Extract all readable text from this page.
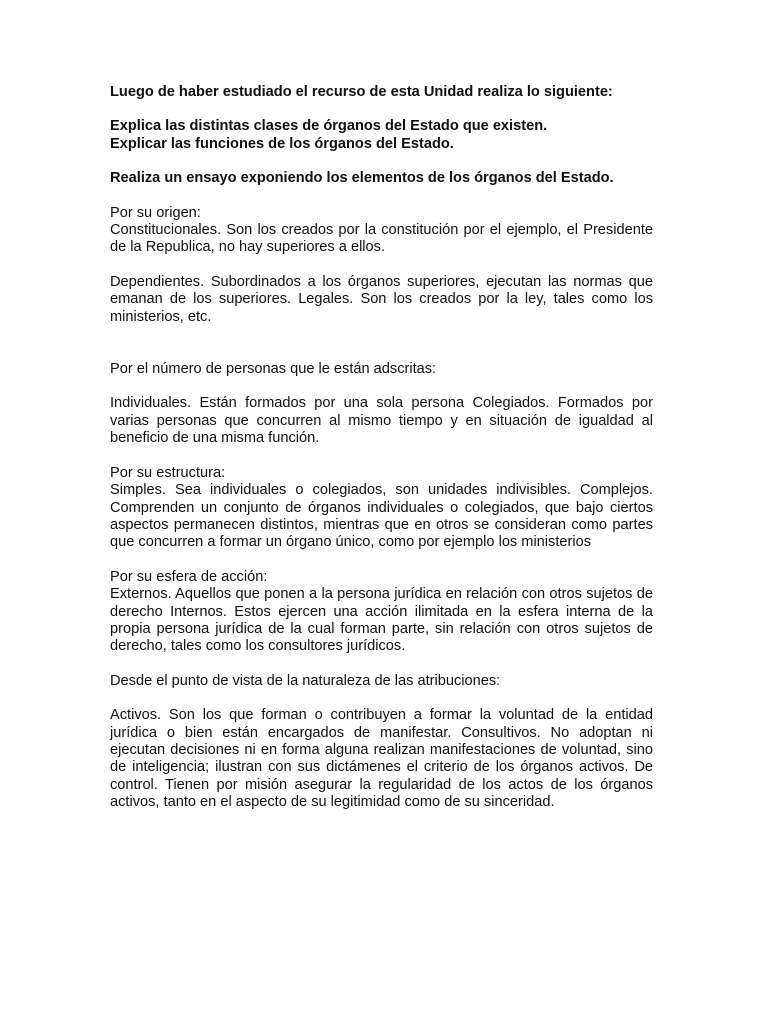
Luego de haber estudiado el recurso de esta Unidad realiza lo siguiente:

Explica las distintas clases de órganos del Estado que existen.

Explicar las funciones de los órganos del Estado.

Realiza un ensayo exponiendo los elementos de los órganos del Estado.

Por su origen:

Constitucionales. Son los creados por la constitución por el ejemplo, el Presidente de la Republica, no hay superiores a ellos.

Dependientes. Subordinados a los órganos superiores, ejecutan las normas que emanan de los superiores. Legales. Son los creados por la ley, tales como los ministerios, etc.

Por el número de personas que le están adscritas:

Individuales. Están formados por una sola persona Colegiados. Formados por varias personas que concurren al mismo tiempo y en situación de igualdad al beneficio de una misma función.

Por su estructura:

Simples. Sea individuales o colegiados, son unidades indivisibles. Complejos. Comprenden un conjunto de órganos individuales o colegiados, que bajo ciertos aspectos permanecen distintos, mientras que en otros se consideran como partes que concurren a formar un órgano único, como por ejemplo los ministerios

Por su esfera de acción:

Externos. Aquellos que ponen a la persona jurídica en relación con otros sujetos de derecho Internos. Estos ejercen una acción ilimitada en la esfera interna de la propia persona jurídica de la cual forman parte, sin relación con otros sujetos de derecho, tales como los consultores jurídicos.

Desde el punto de vista de la naturaleza de las atribuciones:

Activos. Son los que forman o contribuyen a formar la voluntad de la entidad jurídica o bien están encargados de manifestar. Consultivos. No adoptan ni ejecutan decisiones ni en forma alguna realizan manifestaciones de voluntad, sino de inteligencia; ilustran con sus dictámenes el criterio de los órganos activos. De control. Tienen por misión asegurar la regularidad de los actos de los órganos activos, tanto en el aspecto de su legitimidad como de su sinceridad.
